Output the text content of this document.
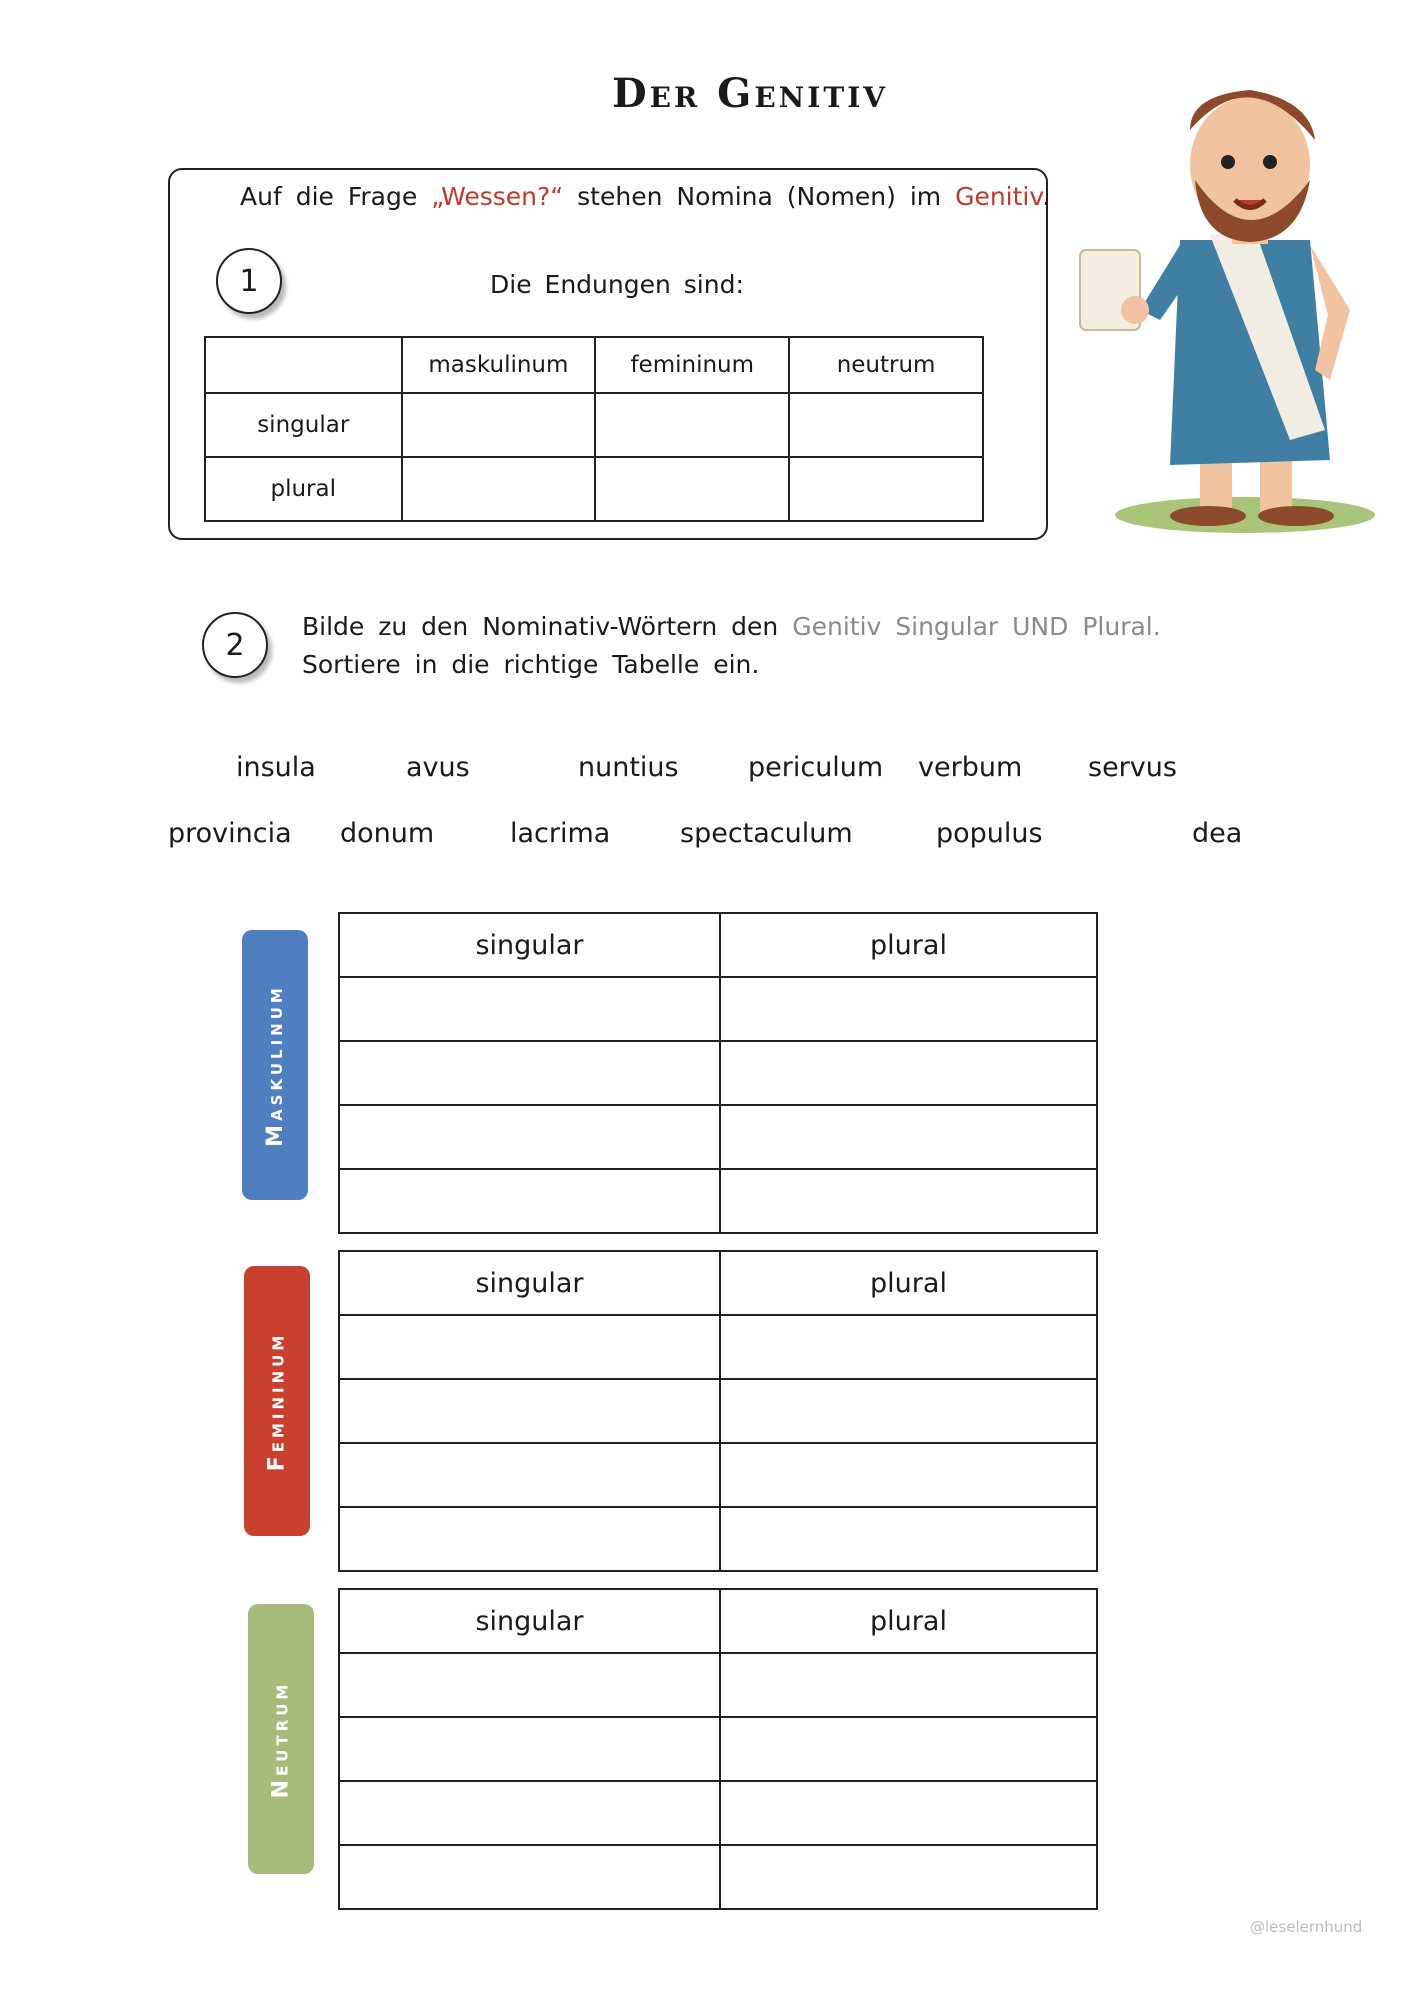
Der Genitiv
Auf die Frage „Wessen?“ stehen Nomina (Nomen) im Genitiv.
1	Die Endungen sind:
	maskulinum	femininum	neutrum
singular			
plural			
2
Bilde zu den Nominativ-Wörtern den Genitiv Singular UND Plural.
Sortiere in die richtige Tabelle ein.
insula	avus	nuntius	periculum verbum servus
provincia donum	lacrima	spectaculum	populus	dea
Maskulinum
singular	plural

Femininum
singular	plural

Neutrum
singular	plural

@leselernhund
